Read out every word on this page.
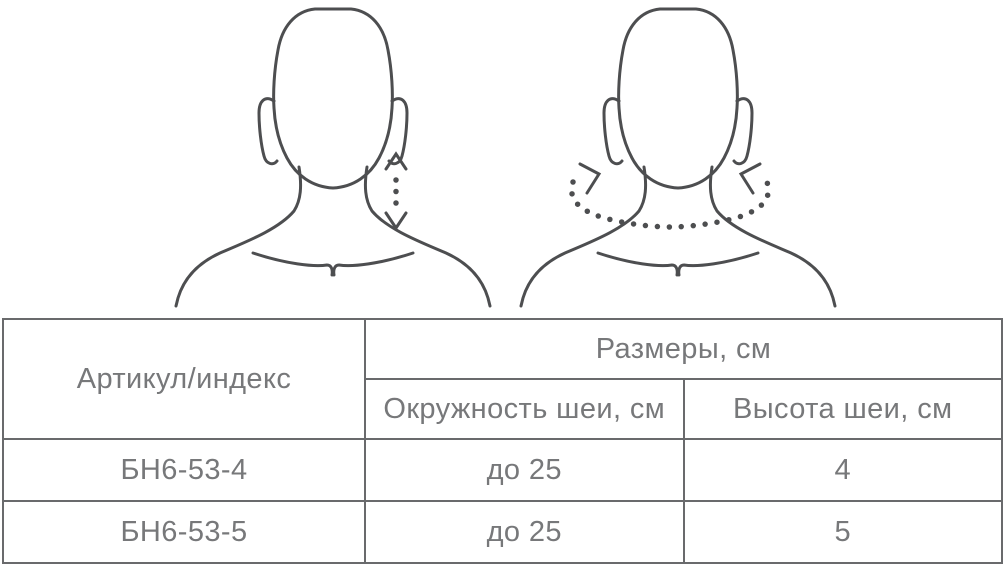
Артикул/индекс	Размеры, см	
	Окружность шеи, см	Высота шеи, см
БН6-53-4	до 25	4
БН6-53-5	до 25	5
